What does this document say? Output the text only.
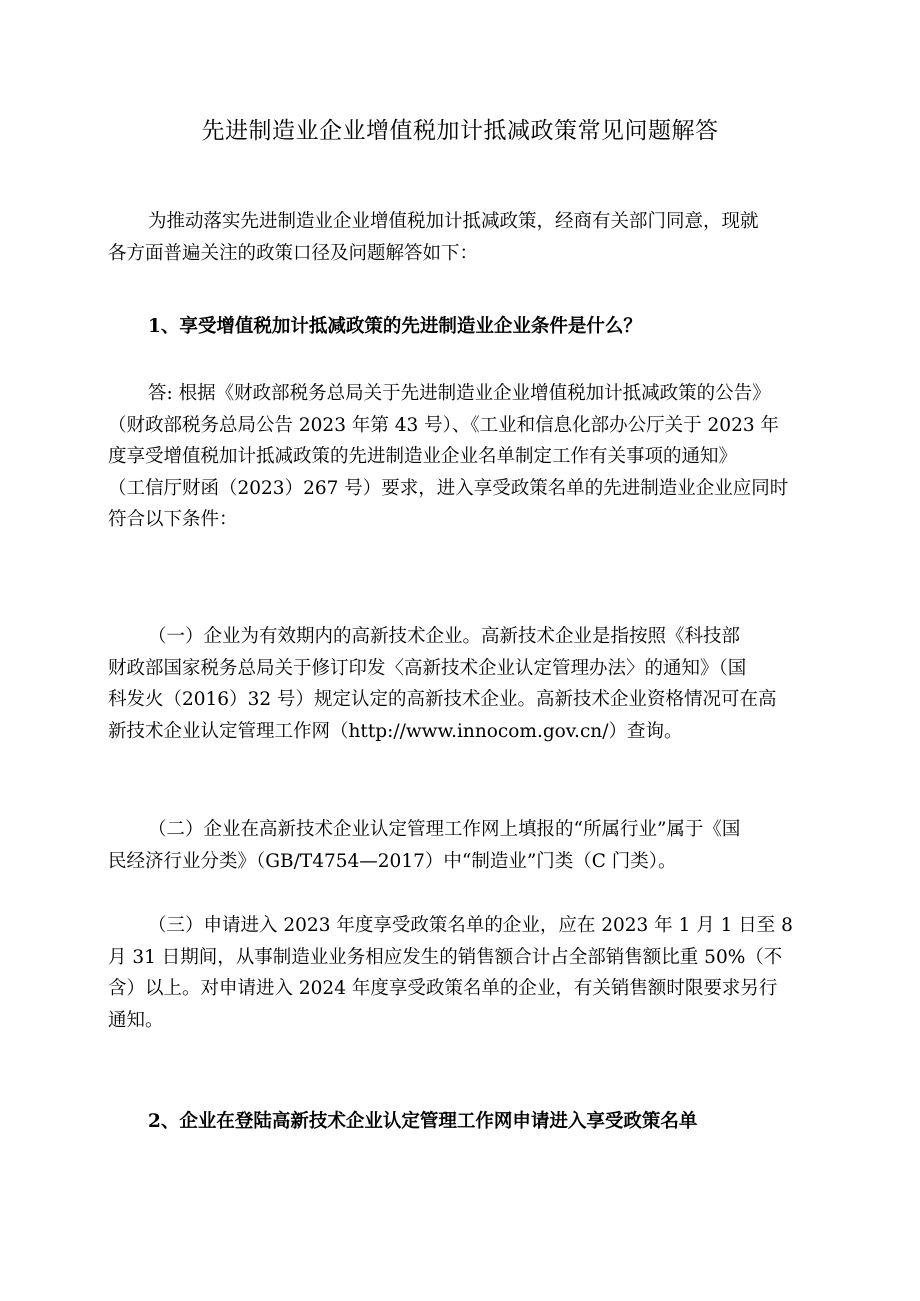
先进制造业企业增值税加计抵减政策常见问题解答
为推动落实先进制造业企业增值税加计抵减政策，经商有关部门同意，现就
各方面普遍关注的政策口径及问题解答如下：
1、享受增值税加计抵减政策的先进制造业企业条件是什么？
答: 根据《财政部税务总局关于先进制造业企业增值税加计抵减政策的公告》
（财政部税务总局公告 2023 年第 43 号）、《工业和信息化部办公厅关于 2023 年
度享受增值税加计抵减政策的先进制造业企业名单制定工作有关事项的通知》
（工信厅财函（2023）267 号）要求，进入享受政策名单的先进制造业企业应同时
符合以下条件：
（一）企业为有效期内的高新技术企业。高新技术企业是指按照《科技部
财政部国家税务总局关于修订印发〈高新技术企业认定管理办法〉的通知》（国
科发火（2016）32 号）规定认定的高新技术企业。高新技术企业资格情况可在高
新技术企业认定管理工作网（http://www.innocom.gov.cn/）查询。
（二）企业在高新技术企业认定管理工作网上填报的“所属行业”属于《国
民经济行业分类》（GB/T4754—2017）中“制造业”门类（C 门类）。
（三）申请进入 2023 年度享受政策名单的企业，应在 2023 年 1 月 1 日至 8
月 31 日期间，从事制造业业务相应发生的销售额合计占全部销售额比重 50%（不
含）以上。对申请进入 2024 年度享受政策名单的企业，有关销售额时限要求另行
通知。
2、企业在登陆高新技术企业认定管理工作网申请进入享受政策名单
